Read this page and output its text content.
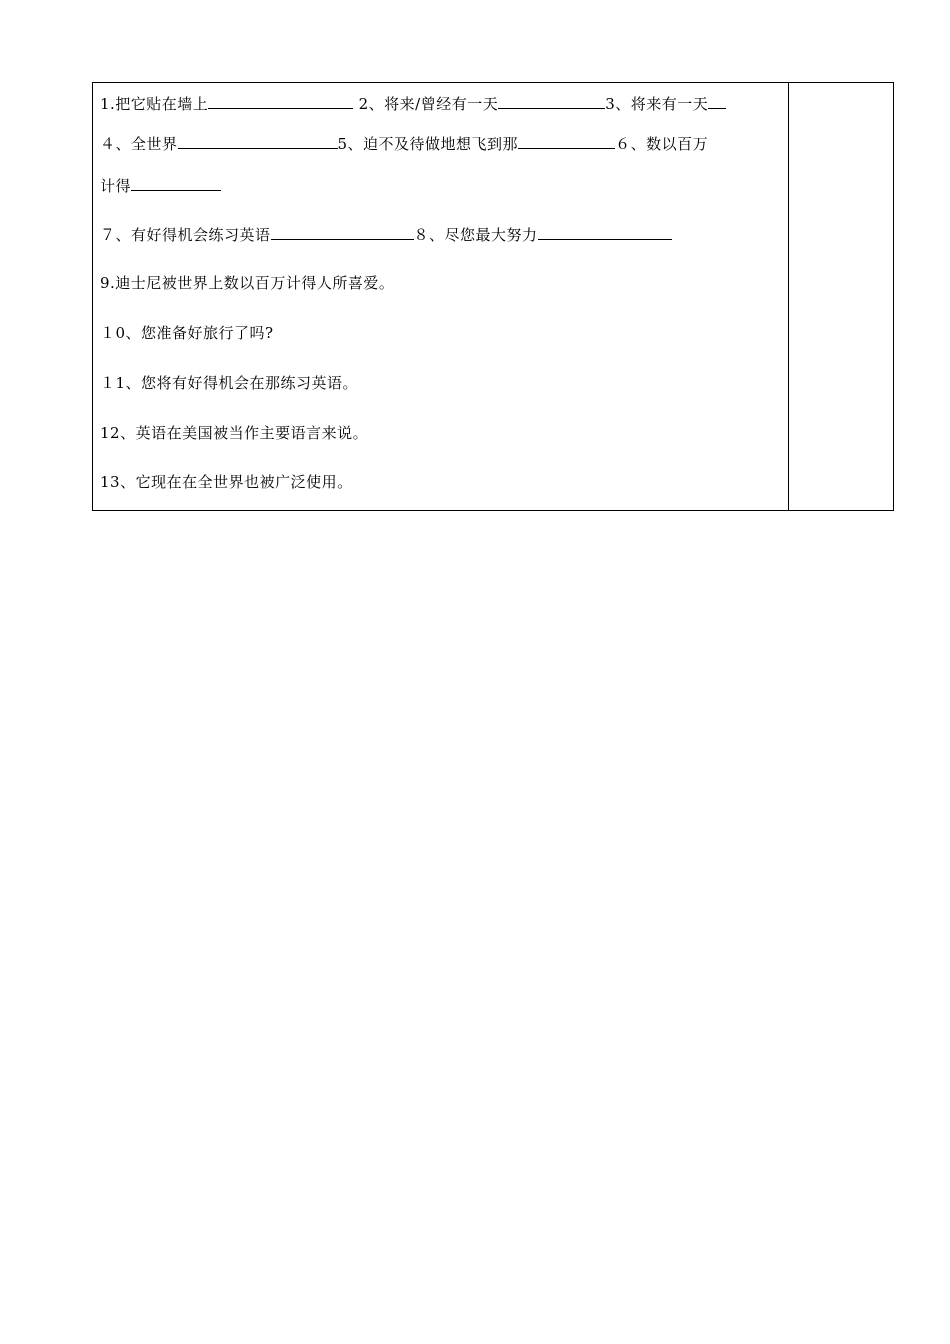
1.把它贴在墙上	2、将来/曾经有一天	3、将来有一天
４、全世界	5、迫不及待做地想飞到那	６、数以百万
计得
７、有好得机会练习英语	８、尽您最大努力
9.迪士尼被世界上数以百万计得人所喜爱。
１0、您准备好旅行了吗?
１1、您将有好得机会在那练习英语。
12、英语在美国被当作主要语言来说。
13、它现在在全世界也被广泛使用。
